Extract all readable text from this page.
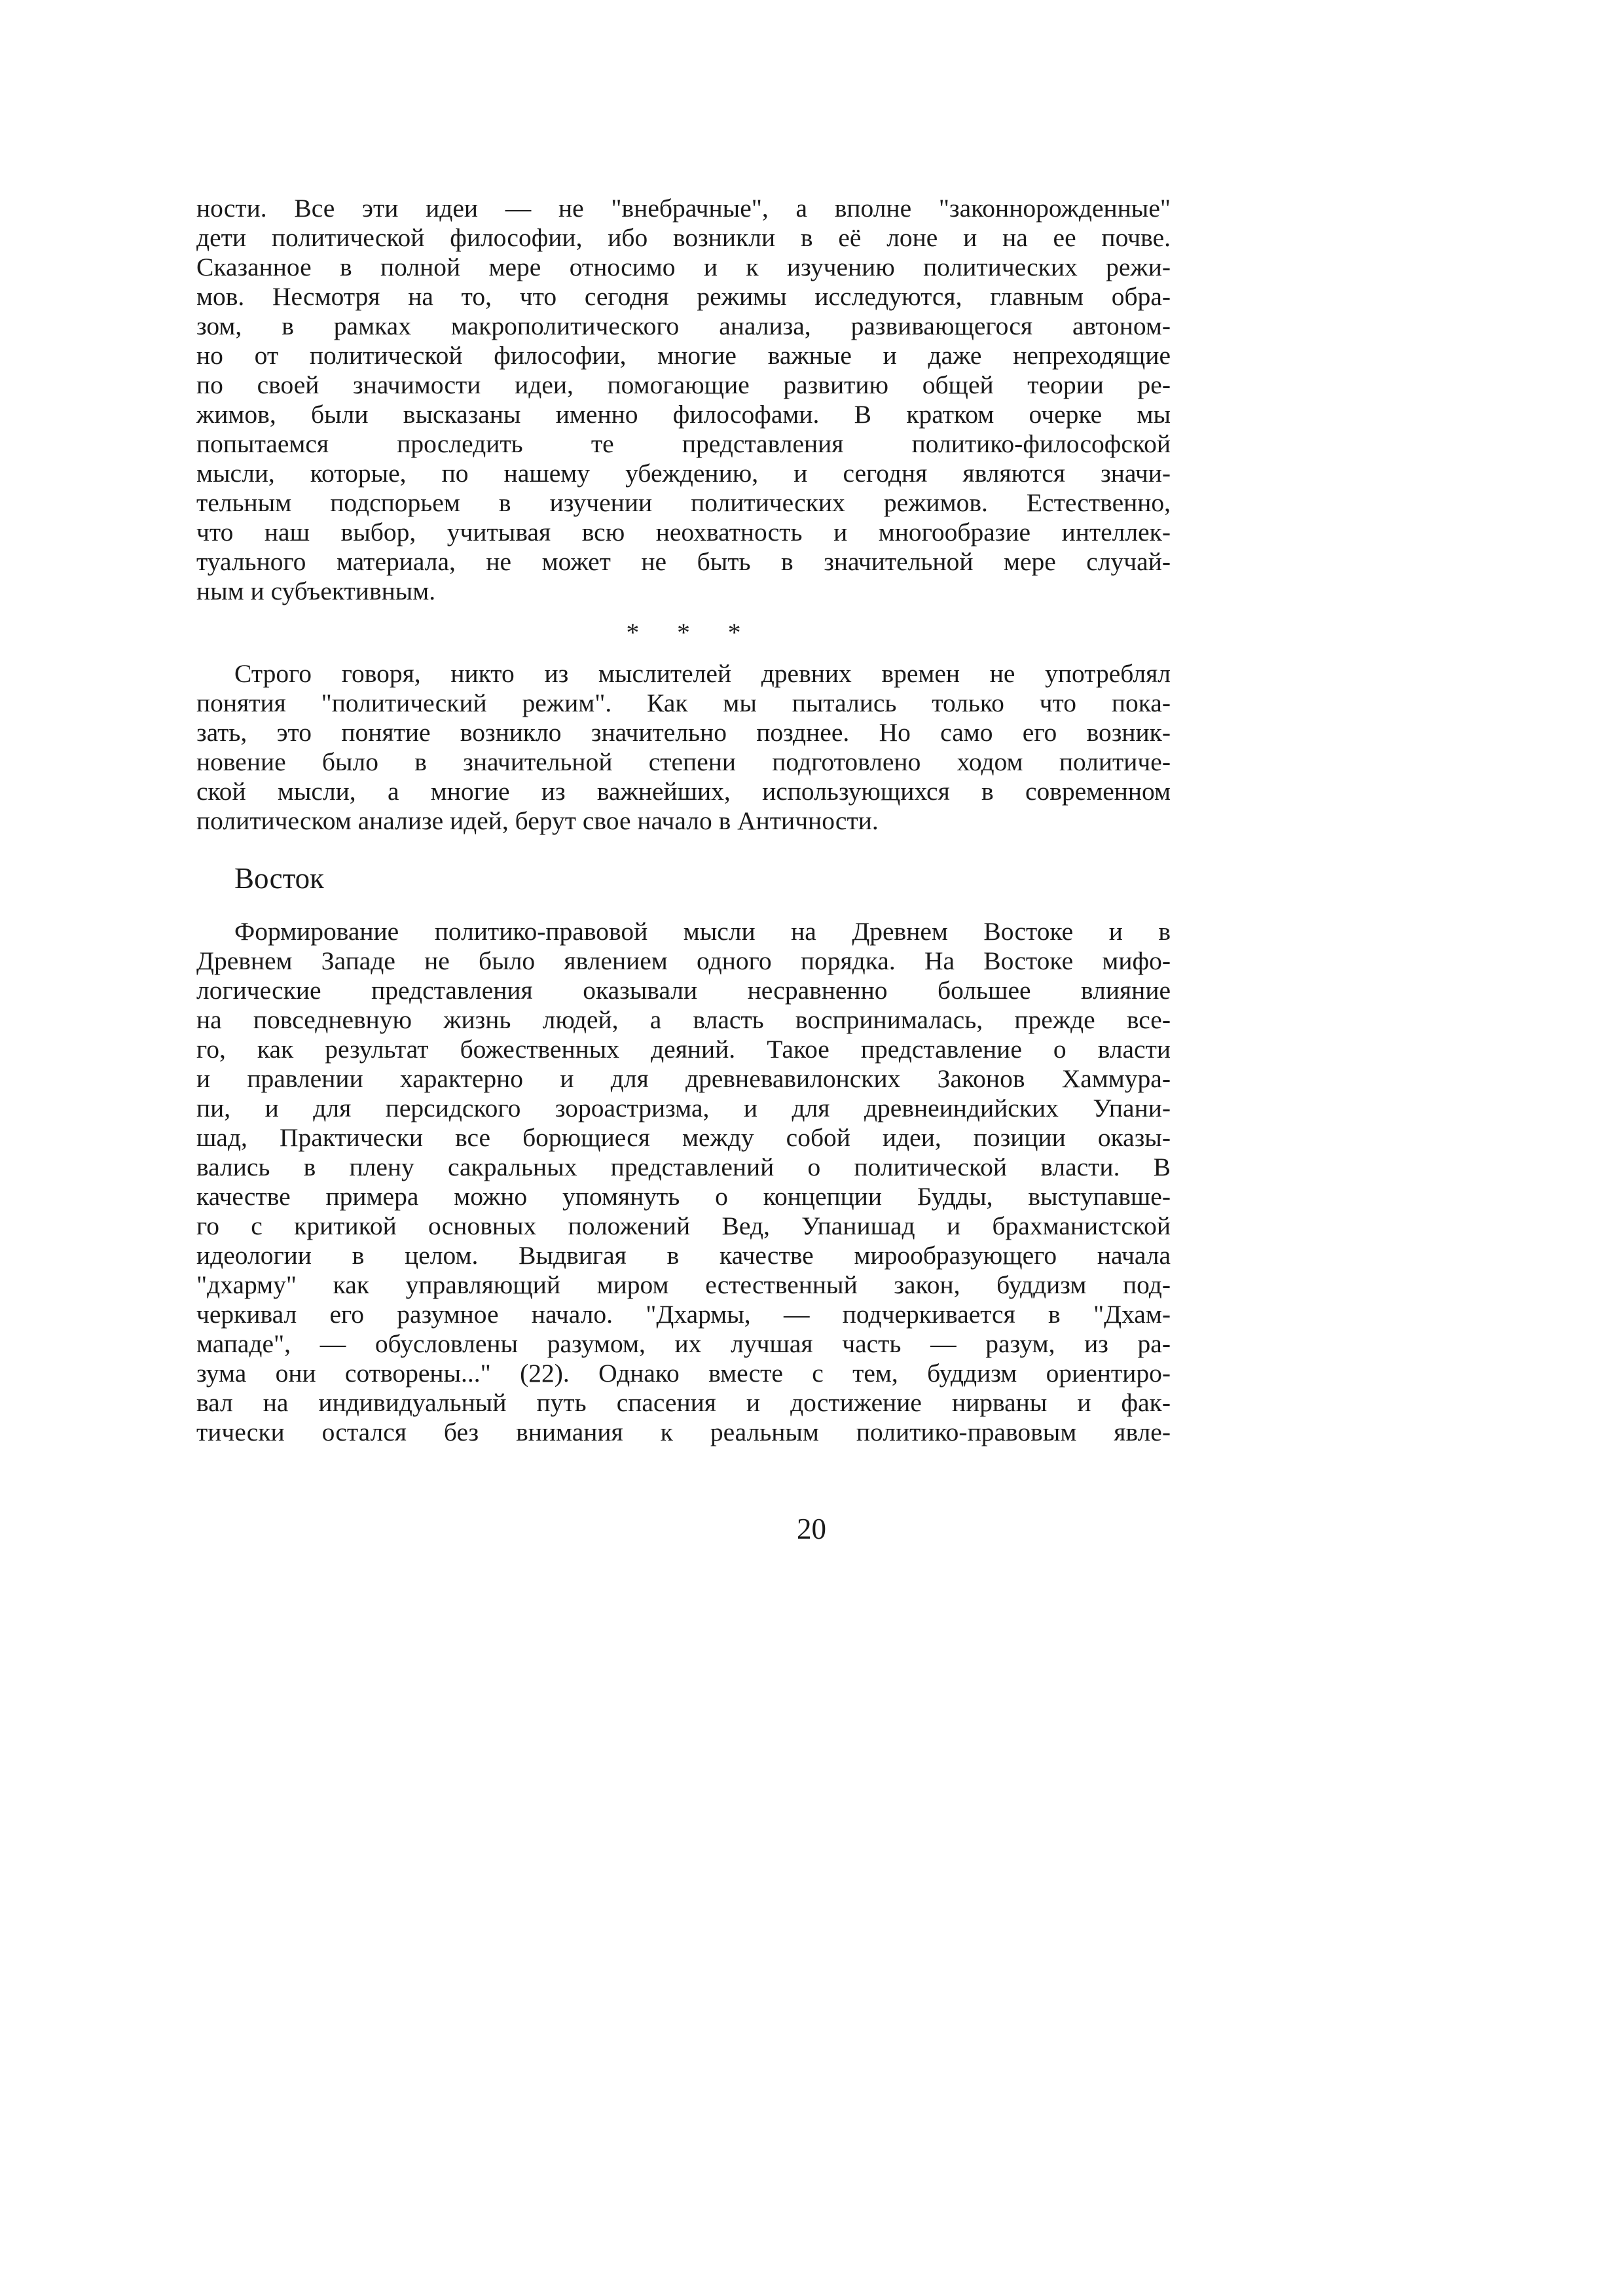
ности. Все эти идеи — не "внебрачные", а вполне "законнорожденные"
дети политической философии, ибо возникли в её лоне и на ее почве.
Сказанное в полной мере относимо и к изучению политических режи-
мов. Несмотря на то, что сегодня режимы исследуются, главным обра-
зом, в рамках макрополитического анализа, развивающегося автоном-
но от политической философии, многие важные и даже непреходящие
по своей значимости идеи, помогающие развитию общей теории ре-
жимов, были высказаны именно философами. В кратком очерке мы
попытаемся проследить те представления политико-философской
мысли, которые, по нашему убеждению, и сегодня являются значи-
тельным подспорьем в изучении политических режимов. Естественно,
что наш выбор, учитывая всю неохватность и многообразие интеллек-
туального материала, не может не быть в значительной мере случай-
ным и субъективным.
* * *
Строго говоря, никто из мыслителей древних времен не употреблял
понятия "политический режим". Как мы пытались только что пока-
зать, это понятие возникло значительно позднее. Но само его возник-
новение было в значительной степени подготовлено ходом политиче-
ской мысли, а многие из важнейших, использующихся в современном
политическом анализе идей, берут свое начало в Античности.
Восток
Формирование политико-правовой мысли на Древнем Востоке и в
Древнем Западе не было явлением одного порядка. На Востоке мифо-
логические представления оказывали несравненно большее влияние
на повседневную жизнь людей, а власть воспринималась, прежде все-
го, как результат божественных деяний. Такое представление о власти
и правлении характерно и для древневавилонских Законов Хаммура-
пи, и для персидского зороастризма, и для древнеиндийских Упани-
шад, Практически все борющиеся между собой идеи, позиции оказы-
вались в плену сакральных представлений о политической власти. В
качестве примера можно упомянуть о концепции Будды, выступавше-
го с критикой основных положений Вед, Упанишад и брахманистской
идеологии в целом. Выдвигая в качестве мирообразующего начала
"дхарму" как управляющий миром естественный закон, буддизм под-
черкивал его разумное начало. "Дхармы, — подчеркивается в "Дхам-
мападе", — обусловлены разумом, их лучшая часть — разум, из ра-
зума они сотворены..." (22). Однако вместе с тем, буддизм ориентиро-
вал на индивидуальный путь спасения и достижение нирваны и фак-
тически остался без внимания к реальным политико-правовым явле-
20
